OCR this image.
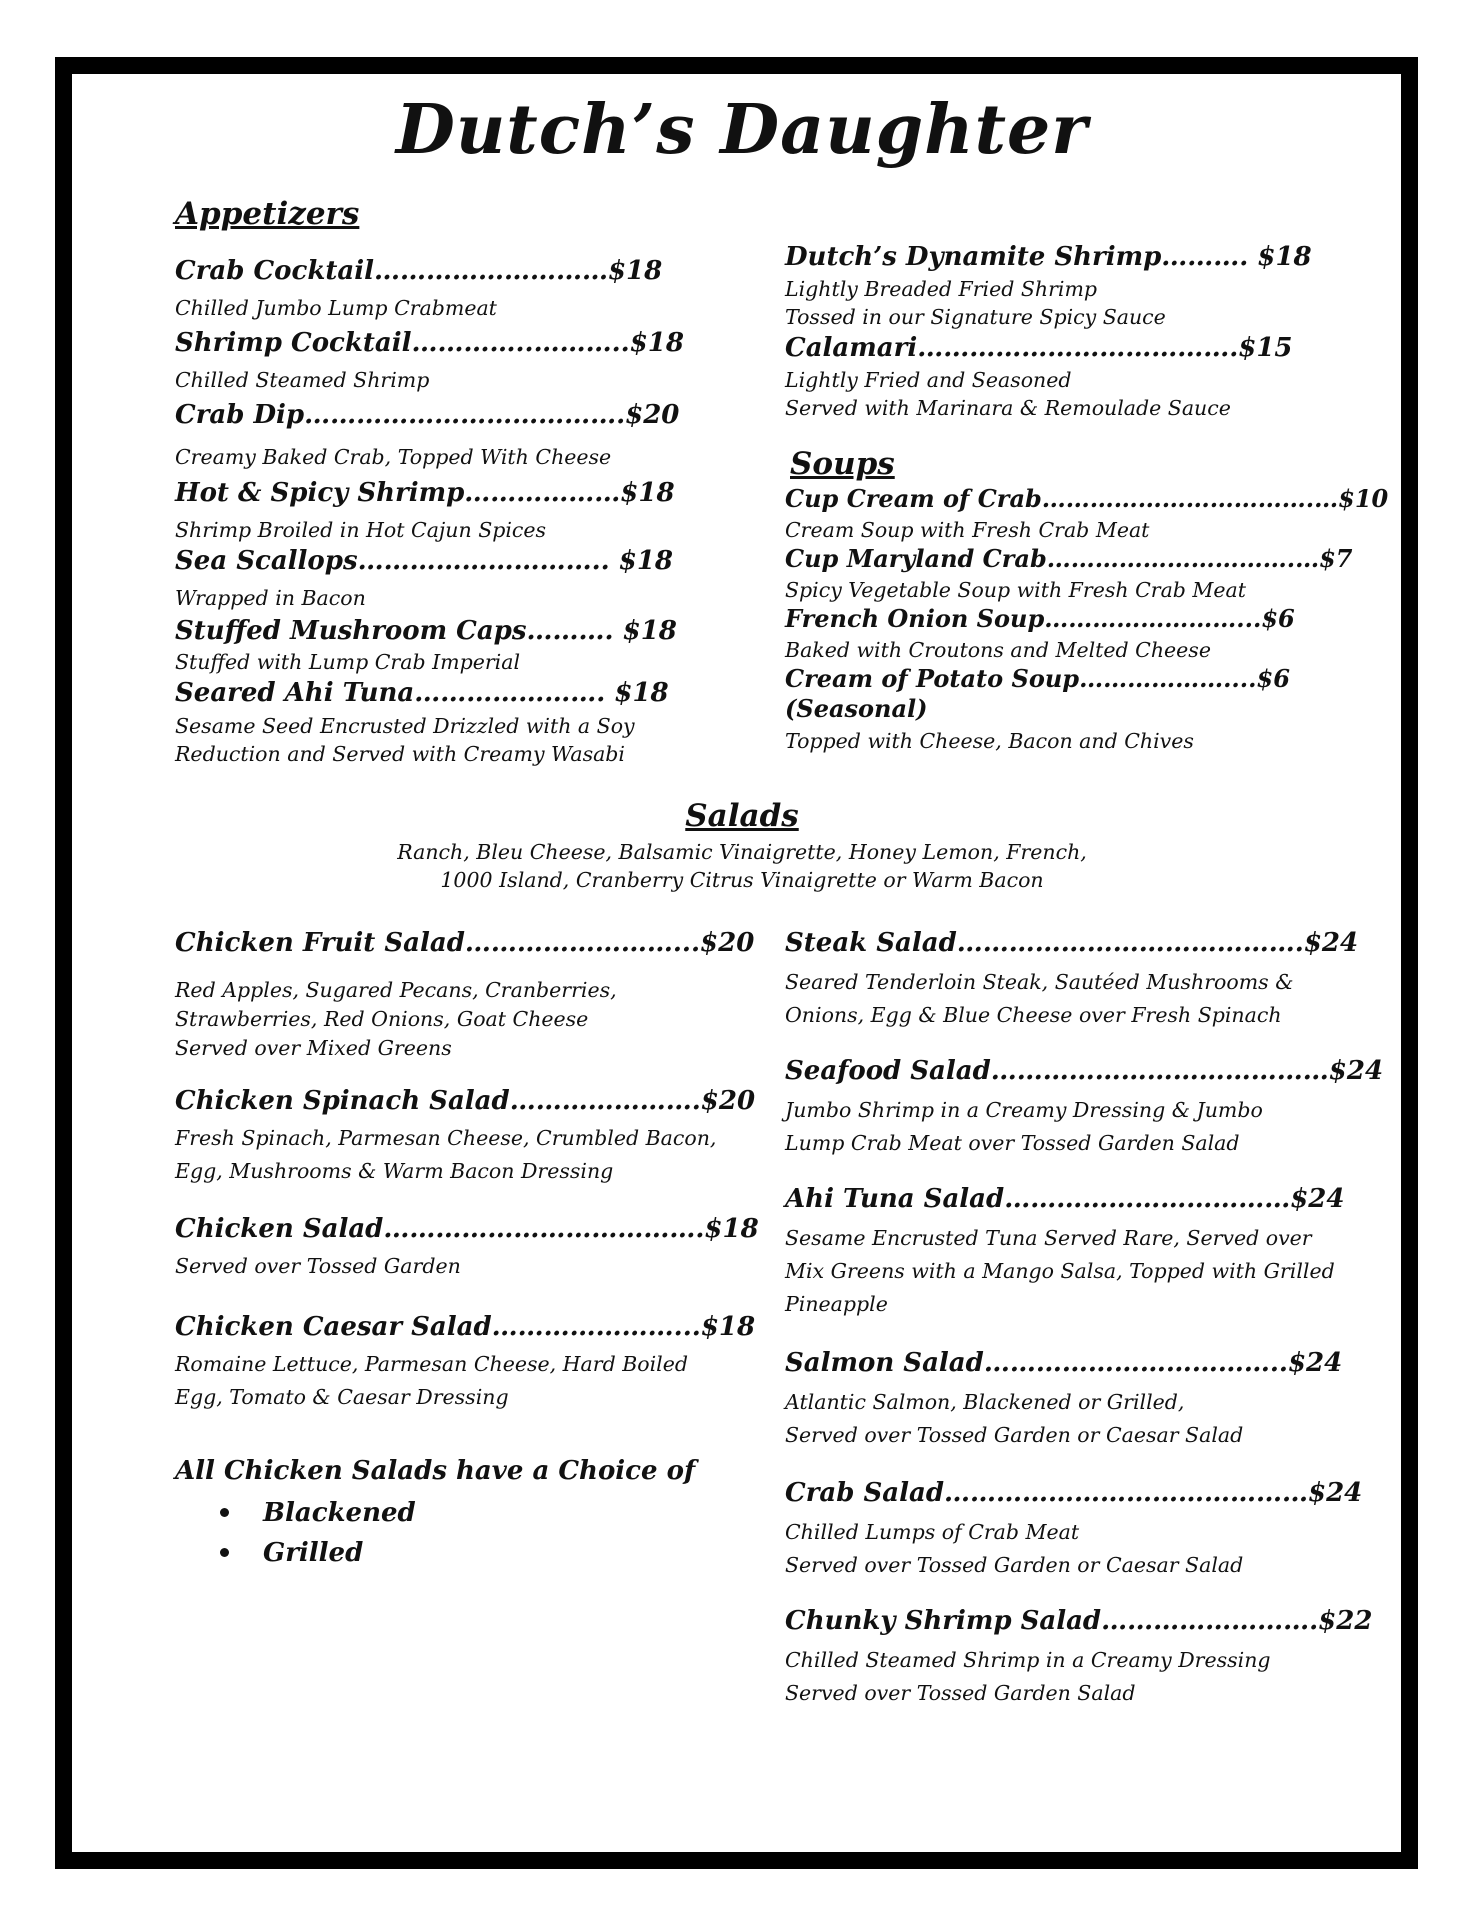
Dutch’s Daughter
Appetizers
Crab Cocktail………………………$18
Chilled Jumbo Lump Crabmeat
Shrimp Cocktail…………..………..$18
Chilled Steamed Shrimp
Crab Dip……………………………….$20
Creamy Baked Crab, Topped With Cheese
Hot & Spicy Shrimp………………$18
Shrimp Broiled in Hot Cajun Spices
Sea Scallops……………………….. $18
Wrapped in Bacon
Stuffed Mushroom Caps………. $18
Stuffed with Lump Crab Imperial
Seared Ahi Tuna…………………. $18
Sesame Seed Encrusted Drizzled with a Soy
Reduction and Served with Creamy Wasabi
Dutch’s Dynamite Shrimp………. $18
Lightly Breaded Fried Shrimp
Tossed in our Signature Spicy Sauce
Calamari……………………………….$15
Lightly Fried and Seasoned
Served with Marinara & Remoulade Sauce
Soups
Cup Cream of Crab…………………………….…$10
Cream Soup with Fresh Crab Meat
Cup Maryland Crab………………………….…$7
Spicy Vegetable Soup with Fresh Crab Meat
French Onion Soup……………………...$6
Baked with Croutons and Melted Cheese
Cream of Potato Soup………………....$6
(Seasonal)
Topped with Cheese, Bacon and Chives
Salads
Ranch, Bleu Cheese, Balsamic Vinaigrette, Honey Lemon, French,
1000 Island, Cranberry Citrus Vinaigrette or Warm Bacon
Chicken Fruit Salad……………………...$20
Red Apples, Sugared Pecans, Cranberries,
Strawberries, Red Onions, Goat Cheese
Served over Mixed Greens
Chicken Spinach Salad………………….$20
Fresh Spinach, Parmesan Cheese, Crumbled Bacon,
Egg, Mushrooms & Warm Bacon Dressing
Chicken Salad……………………………….$18
Served over Tossed Garden
Chicken Caesar Salad…………………...$18
Romaine Lettuce, Parmesan Cheese, Hard Boiled
Egg, Tomato & Caesar Dressing
All Chicken Salads have a Choice of
Blackened
Grilled
Steak Salad………………………………….$24
Seared Tenderloin Steak, Sautéed Mushrooms &
Onions, Egg & Blue Cheese over Fresh Spinach
Seafood Salad…………………………………$24
Jumbo Shrimp in a Creamy Dressing & Jumbo
Lump Crab Meat over Tossed Garden Salad
Ahi Tuna Salad……………………………$24
Sesame Encrusted Tuna Served Rare, Served over
Mix Greens with a Mango Salsa, Topped with Grilled
Pineapple
Salmon Salad……………………………..$24
Atlantic Salmon, Blackened or Grilled,
Served over Tossed Garden or Caesar Salad
Crab Salad……………………………………$24
Chilled Lumps of Crab Meat
Served over Tossed Garden or Caesar Salad
Chunky Shrimp Salad…………………….$22
Chilled Steamed Shrimp in a Creamy Dressing
Served over Tossed Garden Salad
